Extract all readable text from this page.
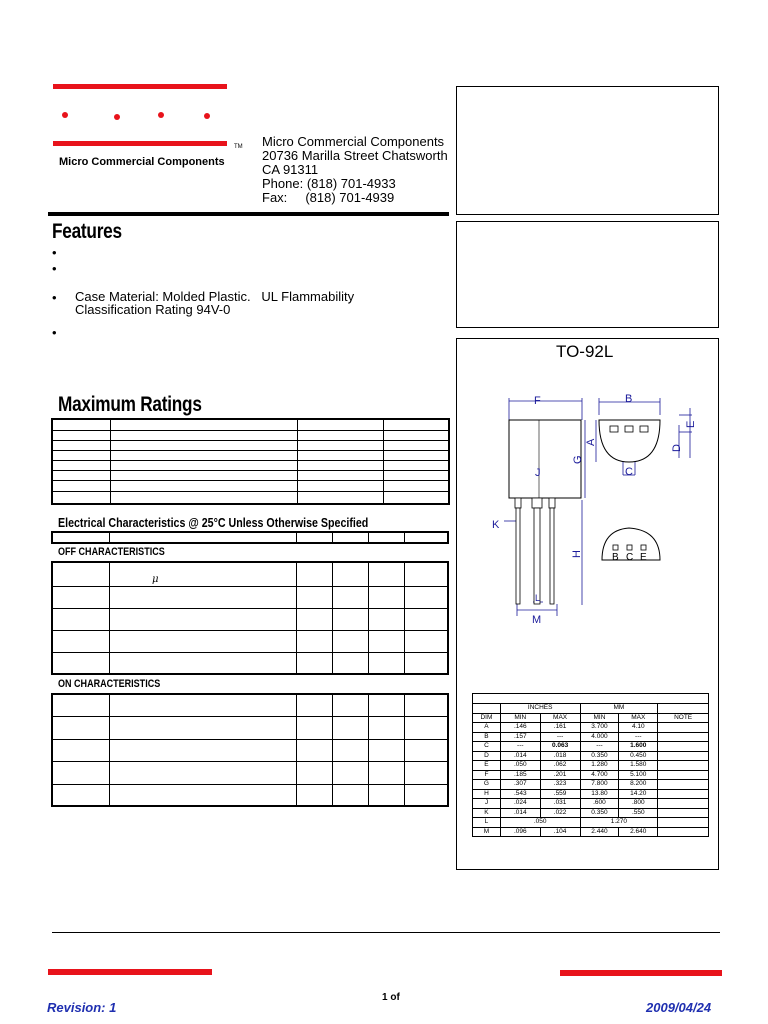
TM
Micro Commercial Components
Micro Commercial Components
20736 Marilla Street Chatsworth
CA 91311
Phone: (818) 701-4933
Fax:     (818) 701-4939
Features
•
•
• Case Material: Molded Plastic.   UL Flammability
Classification Rating 94V-0
•
Maximum Ratings

Electrical Characteristics @ 25°C Unless Otherwise Specified

OFF CHARACTERISTICS

μ
ON CHARACTERISTICS

TO-92L
F	B
A
E
D
G
C
J
K
H
L
M
B C E

	INCHES		MM		
DIM	MIN	MAX	MIN	MAX	NOTE
A	.146	.161	3.700	4.10	
B	.157	---	4.000	---	
C	---	0.063	---	1.600	
D	.014	.018	0.350	0.450	
E	.050	.062	1.280	1.580	
F	.185	.201	4.700	5.100	
G	.307	.323	7.800	8.200	
H	.543	.559	13.80	14.20	
J	.024	.031	.600	.800	
K	.014	.022	0.350	.550	
L	.050		1.270		
M	.096	.104	2.440	2.640	
Revision: 1
1 of
2009/04/24
